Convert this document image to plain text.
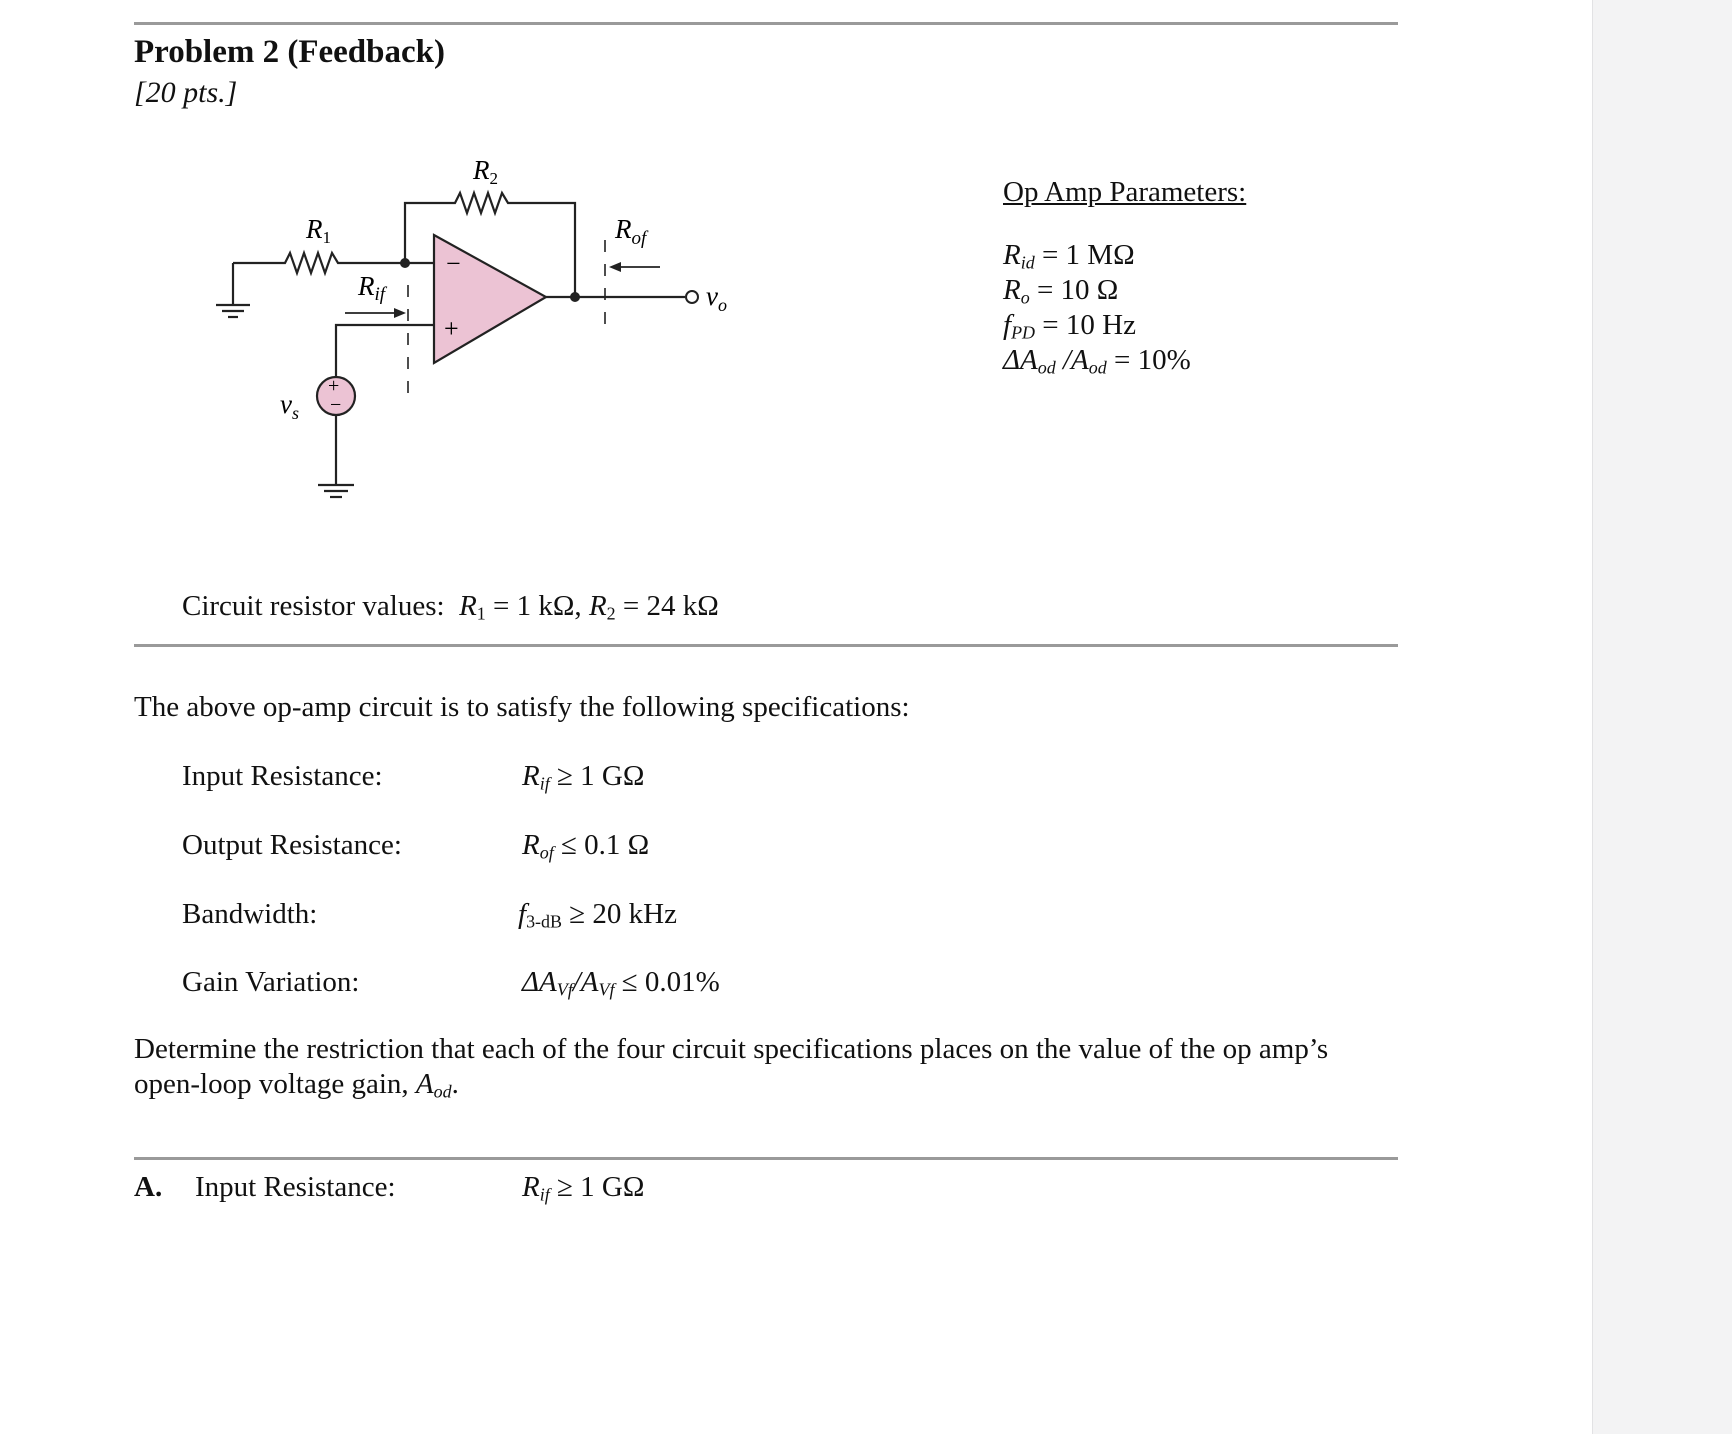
Problem 2 (Feedback)
[20 pts.]
R1
R2
Rif
$R_{of}$
$v_o$
$v_s$
−
+
+
−
Op Amp Parameters:
$R_{id} = 1$ MΩ
$R_o = 10$ Ω
$f_{PD} = 10$ Hz
$\Delta A_{od}$ $/A_{od} = 10\%$
Circuit resistor values: $R_1 = 1$ kΩ, $R_2 = 24$ kΩ
The above op-amp circuit is to satisfy the following specifications:
Input Resistance:	$R_{if} \ge 1$ GΩ
Output Resistance:	$R_{of} \le 0.1$ Ω
Bandwidth:	$f_{3-dB} \ge 20$ kHz
Gain Variation:	$\Delta A_{Vf}/A_{Vf} \le 0.01\%$
Determine the restriction that each of the four circuit specifications places on the value of the op amp’s
open-loop voltage gain, $A_{od}$.
A. Input Resistance:	$R_{if} \ge 1$ GΩ
